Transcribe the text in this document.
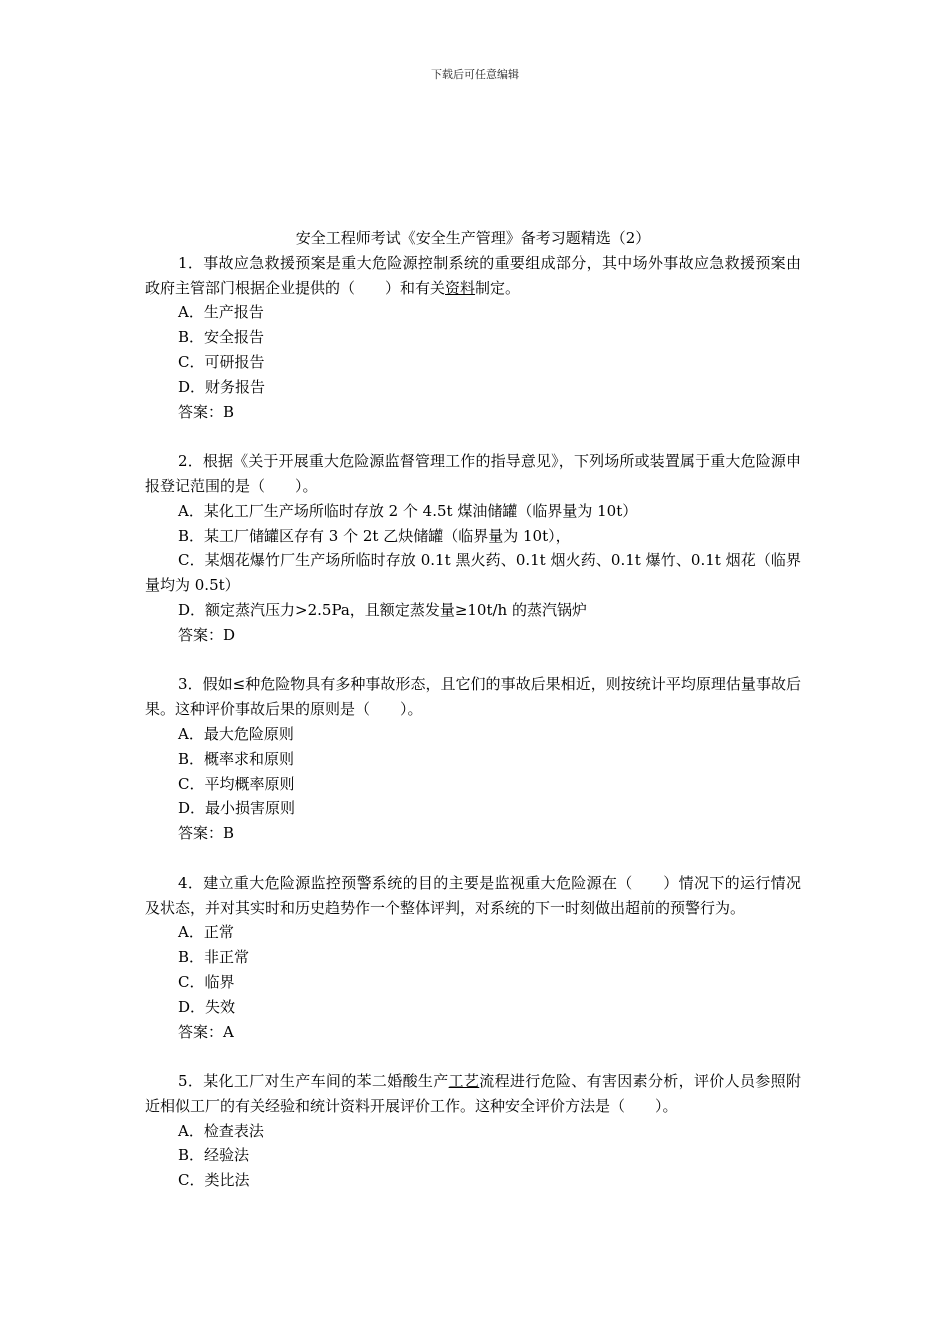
下载后可任意编辑

安全工程师考试《安全生产管理》备考习题精选（2）

1．事故应急救援预案是重大危险源控制系统的重要组成部分，其中场外事故应急救援预案由政府主管部门根据企业提供的（　　）和有关资料制定。

A．生产报告

B．安全报告

C．可研报告

D．财务报告

答案：B

2．根据《关于开展重大危险源监督管理工作的指导意见》，下列场所或装置属于重大危险源申报登记范围的是（　　）。

A．某化工厂生产场所临时存放 2 个 4.5t 煤油储罐（临界量为 10t）

B．某工厂储罐区存有 3 个 2t 乙炔储罐（临界量为 10t），

C．某烟花爆竹厂生产场所临时存放 0.1t 黑火药、0.1t 烟火药、0.1t 爆竹、0.1t 烟花（临界量均为 0.5t）

D．额定蒸汽压力>2.5Pa，且额定蒸发量≥10t/h 的蒸汽锅炉

答案：D

3．假如≤种危险物具有多种事故形态，且它们的事故后果相近，则按统计平均原理估量事故后果。这种评价事故后果的原则是（　　）。

A．最大危险原则

B．概率求和原则

C．平均概率原则

D．最小损害原则

答案：B

4．建立重大危险源监控预警系统的目的主要是监视重大危险源在（　　）情况下的运行情况及状态，并对其实时和历史趋势作一个整体评判，对系统的下一时刻做出超前的预警行为。

A．正常

B．非正常

C．临界

D．失效

答案：A

5．某化工厂对生产车间的苯二婚酸生产工艺流程进行危险、有害因素分析，评价人员参照附近相似工厂的有关经验和统计资料开展评价工作。这种安全评价方法是（　　）。

A．检查表法

B．经验法

C．类比法
